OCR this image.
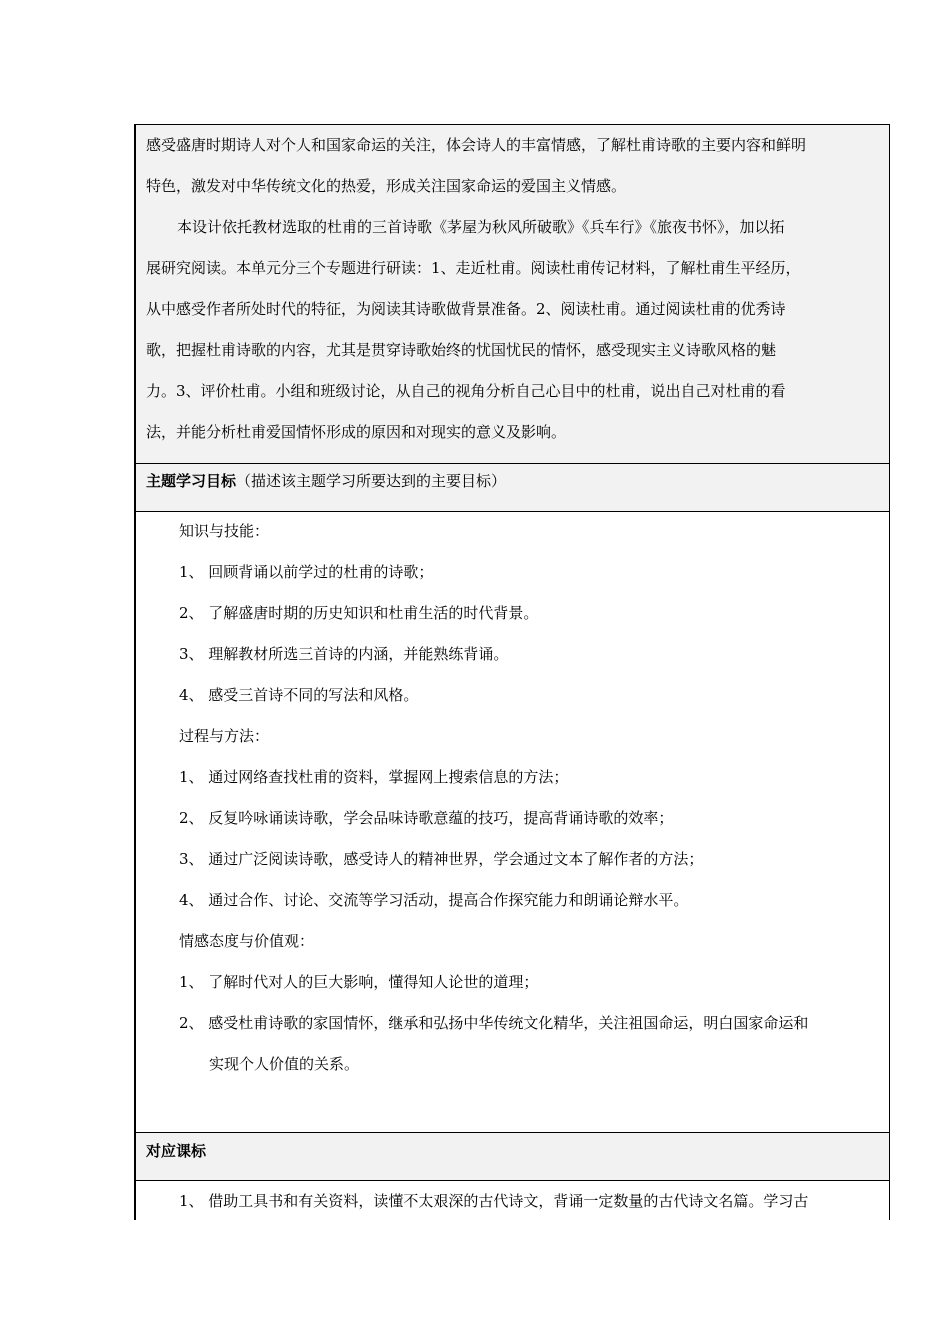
感受盛唐时期诗人对个人和国家命运的关注，体会诗人的丰富情感，了解杜甫诗歌的主要内容和鲜明
特色，激发对中华传统文化的热爱，形成关注国家命运的爱国主义情感。
本设计依托教材选取的杜甫的三首诗歌《茅屋为秋风所破歌》《兵车行》《旅夜书怀》，加以拓
展研究阅读。本单元分三个专题进行研读：1、走近杜甫。阅读杜甫传记材料，了解杜甫生平经历，
从中感受作者所处时代的特征，为阅读其诗歌做背景准备。2、阅读杜甫。通过阅读杜甫的优秀诗
歌，把握杜甫诗歌的内容，尤其是贯穿诗歌始终的忧国忧民的情怀，感受现实主义诗歌风格的魅
力。3、评价杜甫。小组和班级讨论，从自己的视角分析自己心目中的杜甫，说出自己对杜甫的看
法，并能分析杜甫爱国情怀形成的原因和对现实的意义及影响。
主题学习目标（描述该主题学习所要达到的主要目标）
知识与技能：
1、 回顾背诵以前学过的杜甫的诗歌；
2、 了解盛唐时期的历史知识和杜甫生活的时代背景。
3、 理解教材所选三首诗的内涵，并能熟练背诵。
4、 感受三首诗不同的写法和风格。
过程与方法：
1、 通过网络查找杜甫的资料，掌握网上搜索信息的方法；
2、 反复吟咏诵读诗歌，学会品味诗歌意蕴的技巧，提高背诵诗歌的效率；
3、 通过广泛阅读诗歌，感受诗人的精神世界，学会通过文本了解作者的方法；
4、 通过合作、讨论、交流等学习活动，提高合作探究能力和朗诵论辩水平。
情感态度与价值观：
1、 了解时代对人的巨大影响，懂得知人论世的道理；
2、 感受杜甫诗歌的家国情怀，继承和弘扬中华传统文化精华，关注祖国命运，明白国家命运和
实现个人价值的关系。
对应课标
1、 借助工具书和有关资料，读懂不太艰深的古代诗文，背诵一定数量的古代诗文名篇。学习古
